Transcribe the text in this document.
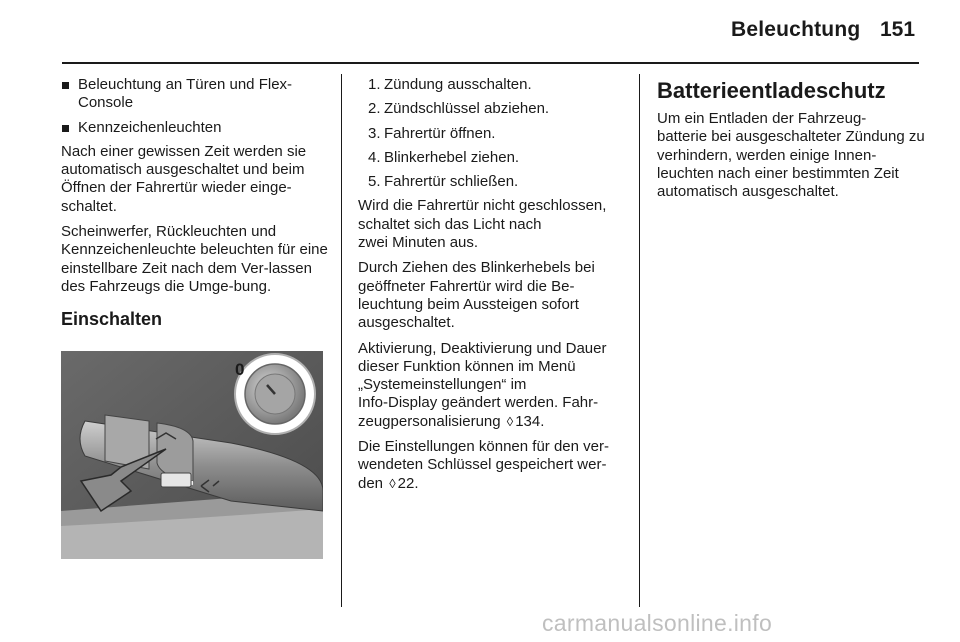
Beleuchtung 151
Beleuchtung an Türen und Flex-
Console
Kennzeichenleuchten

Nach einer gewissen Zeit werden sie automatisch ausgeschaltet und beim Öffnen der Fahrertür wieder einge-schaltet.

Scheinwerfer, Rückleuchten und Kennzeichenleuchte beleuchten für eine einstellbare Zeit nach dem Ver-lassen des Fahrzeugs die Umge-bung.

Einschalten
0
1. Zündung ausschalten.
2. Zündschlüssel abziehen.
3. Fahrertür öffnen.
4. Blinkerhebel ziehen.
5. Fahrertür schließen.

Wird die Fahrertür nicht geschlossen, schaltet sich das Licht nach
zwei Minuten aus.

Durch Ziehen des Blinkerhebels bei geöffneter Fahrertür wird die Be-leuchtung beim Aussteigen sofort ausgeschaltet.

Aktivierung, Deaktivierung und Dauer dieser Funktion können im Menü „Systemeinstellungen“ im
Info-Display geändert werden. Fahr-zeugpersonalisierung ◊ 134.

Die Einstellungen können für den ver-wendeten Schlüssel gespeichert wer-den ◊ 22.

Batterieentladeschutz

Um ein Entladen der Fahrzeug-
batterie bei ausgeschalteter Zündung zu verhindern, werden einige Innen-
leuchten nach einer bestimmten Zeit automatisch ausgeschaltet.

carmanualsonline.info
